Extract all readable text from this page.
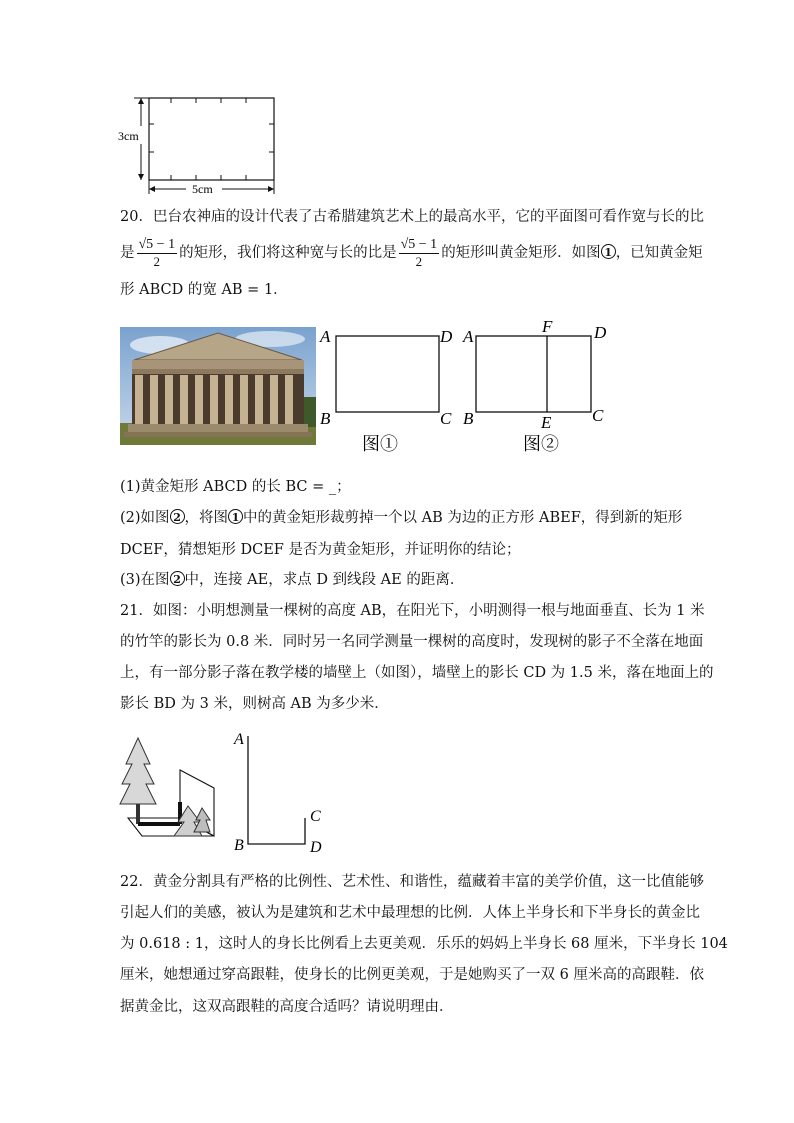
3cm
5cm
20．巴台农神庙的设计代表了古希腊建筑艺术上的最高水平，它的平面图可看作宽与长的比
是 $\frac{√5 - 1}{2}$ 的矩形，我们将这种宽与长的比是 $\frac{√5 - 1}{2}$ 的矩形叫黄金矩形．如图 1 ，已知黄金矩
形 ABCD 的宽 AB = 1．
A	D
B	C
图①
A
F D
B	E C
图②
(1)黄金矩形 ABCD 的长 BC = _；
(2)如图 2 ，将图 1 中的黄金矩形裁剪掉一个以 AB 为边的正方形 ABEF，得到新的矩形
DCEF，猜想矩形 DCEF 是否为黄金矩形，并证明你的结论；
(3)在图 2 中，连接 AE，求点 D 到线段 AE 的距离．
21．如图：小明想测量一棵树的高度 AB，在阳光下，小明测得一根与地面垂直、长为 1 米
的竹竿的影长为 0.8 米．同时另一名同学测量一棵树的高度时，发现树的影子不全落在地面
上，有一部分影子落在教学楼的墙壁上（如图），墙壁上的影长 CD 为 1.5 米，落在地面上的
影长 BD 为 3 米，则树高 AB 为多少米．
A
B
C
D
22．黄金分割具有严格的比例性、艺术性、和谐性，蕴藏着丰富的美学价值，这一比值能够
引起人们的美感，被认为是建筑和艺术中最理想的比例．人体上半身长和下半身长的黄金比
为 0.618 : 1，这时人的身长比例看上去更美观．乐乐的妈妈上半身长 68 厘米，下半身长 104
厘米，她想通过穿高跟鞋，使身长的比例更美观，于是她购买了一双 6 厘米高的高跟鞋．依
据黄金比，这双高跟鞋的高度合适吗？请说明理由．
